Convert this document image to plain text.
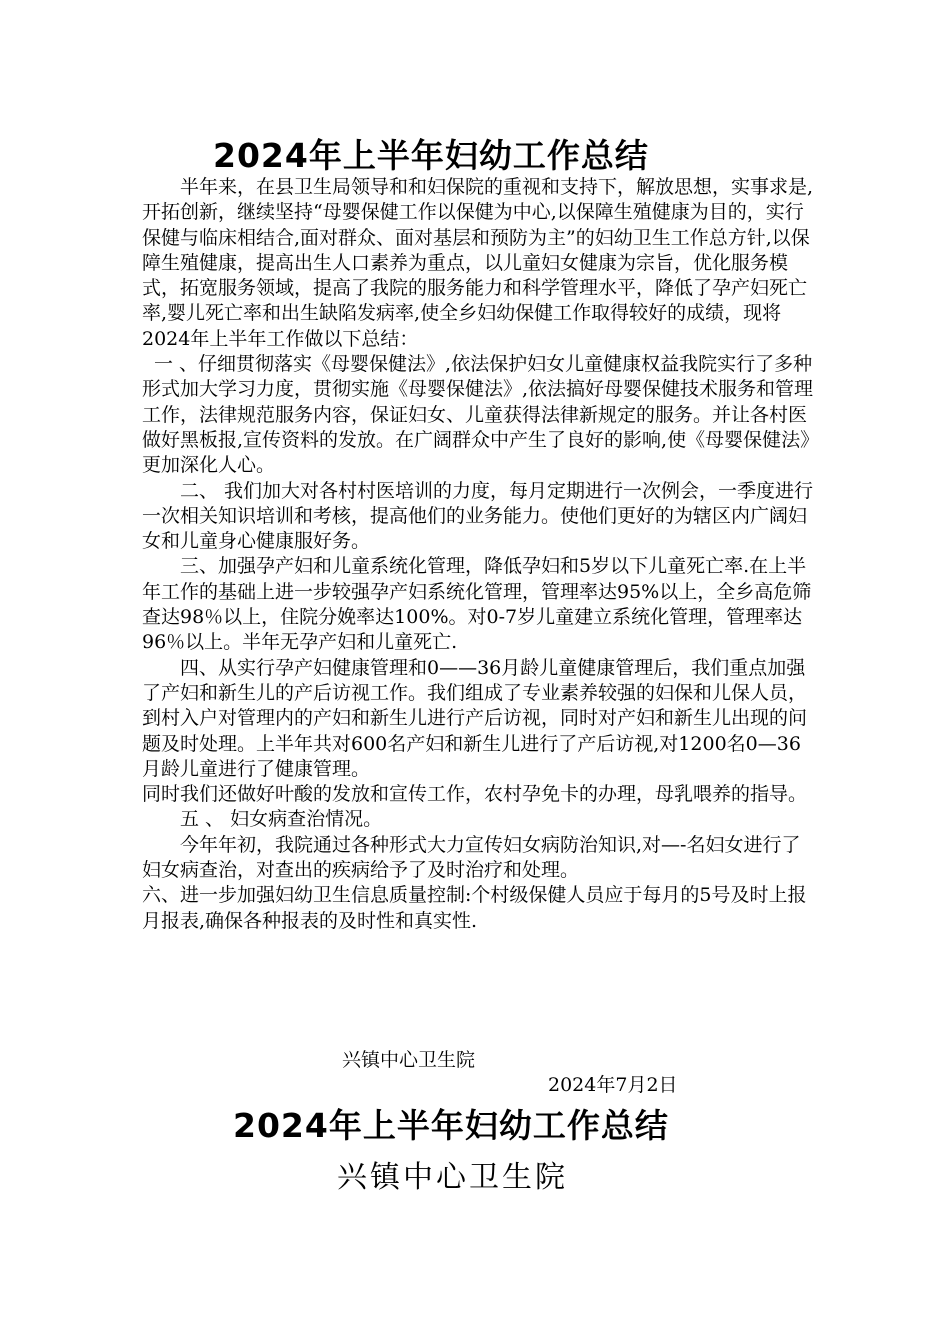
2024年上半年妇幼工作总结

半年来，在县卫生局领导和和妇保院的重视和支持下，解放思想，实事求是,开拓创新，继续坚持“母婴保健工作以保健为中心,以保障生殖健康为目的，实行保健与临床相结合,面对群众、面对基层和预防为主”的妇幼卫生工作总方针,以保障生殖健康，提高出生人口素养为重点，以儿童妇女健康为宗旨，优化服务模式，拓宽服务领域，提高了我院的服务能力和科学管理水平，降低了孕产妇死亡率,婴儿死亡率和出生缺陷发病率,使全乡妇幼保健工作取得较好的成绩，现将2024年上半年工作做以下总结：

一 、仔细贯彻落实《母婴保健法》,依法保护妇女儿童健康权益我院实行了多种形式加大学习力度，贯彻实施《母婴保健法》,依法搞好母婴保健技术服务和管理工作，法律规范服务内容，保证妇女、儿童获得法律新规定的服务。并让各村医做好黑板报,宣传资料的发放。在广阔群众中产生了良好的影响,使《母婴保健法》更加深化人心。

二、 我们加大对各村村医培训的力度，每月定期进行一次例会，一季度进行一次相关知识培训和考核，提高他们的业务能力。使他们更好的为辖区内广阔妇女和儿童身心健康服好务。

三、加强孕产妇和儿童系统化管理，降低孕妇和5岁以下儿童死亡率.在上半年工作的基础上进一步较强孕产妇系统化管理，管理率达95%以上，全乡高危筛查达98％以上，住院分娩率达100%。对0-7岁儿童建立系统化管理，管理率达96％以上。半年无孕产妇和儿童死亡.

四、从实行孕产妇健康管理和0——36月龄儿童健康管理后，我们重点加强了产妇和新生儿的产后访视工作。我们组成了专业素养较强的妇保和儿保人员，到村入户对管理内的产妇和新生儿进行产后访视，同时对产妇和新生儿出现的问题及时处理。上半年共对600名产妇和新生儿进行了产后访视,对1200名0—36月龄儿童进行了健康管理。

同时我们还做好叶酸的发放和宣传工作，农村孕免卡的办理，母乳喂养的指导。

五 、 妇女病查治情况。

今年年初，我院通过各种形式大力宣传妇女病防治知识,对—-名妇女进行了妇女病查治，对查出的疾病给予了及时治疗和处理。

六、进一步加强妇幼卫生信息质量控制:个村级保健人员应于每月的5号及时上报月报表,确保各种报表的及时性和真实性.

兴镇中心卫生院
2024年7月2日
2024年上半年妇幼工作总结
兴镇中心卫生院
